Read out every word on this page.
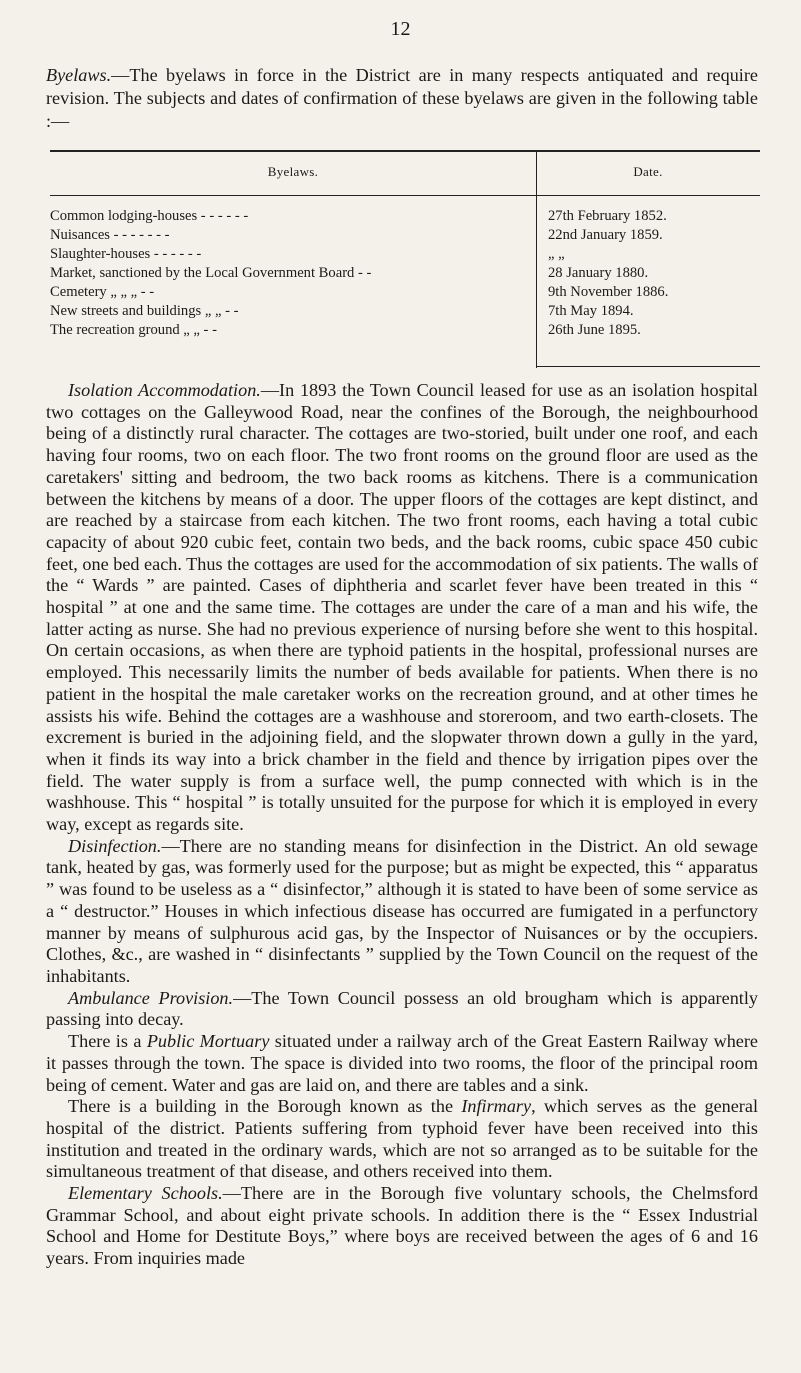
12

Byelaws.—The byelaws in force in the District are in many respects antiquated and require revision. The subjects and dates of confirmation of these byelaws are given in the following table :—

Byelaws.	Date.
Common lodging-houses - - - - - -	27th February 1852.
Nuisances - - - - - - -	22nd January 1859.
Slaughter-houses - - - - - -	„ „
Market, sanctioned by the Local Government Board - -	28 January 1880.
Cemetery „ „ „ - -	9th November 1886.
New streets and buildings „ „ - -	7th May 1894.
The recreation ground „ „ - -	26th June 1895.

Isolation Accommodation.—In 1893 the Town Council leased for use as an isolation hospital two cottages on the Galleywood Road, near the confines of the Borough, the neighbourhood being of a distinctly rural character. The cottages are two-storied, built under one roof, and each having four rooms, two on each floor. The two front rooms on the ground floor are used as the caretakers' sitting and bedroom, the two back rooms as kitchens. There is a communication between the kitchens by means of a door. The upper floors of the cottages are kept distinct, and are reached by a staircase from each kitchen. The two front rooms, each having a total cubic capacity of about 920 cubic feet, contain two beds, and the back rooms, cubic space 450 cubic feet, one bed each. Thus the cottages are used for the accommodation of six patients. The walls of the “ Wards ” are painted. Cases of diphtheria and scarlet fever have been treated in this “ hospital ” at one and the same time. The cottages are under the care of a man and his wife, the latter acting as nurse. She had no previous experience of nursing before she went to this hospital. On certain occasions, as when there are typhoid patients in the hospital, professional nurses are employed. This necessarily limits the number of beds available for patients. When there is no patient in the hospital the male caretaker works on the recreation ground, and at other times he assists his wife. Behind the cottages are a washhouse and storeroom, and two earth-closets. The excrement is buried in the adjoining field, and the slopwater thrown down a gully in the yard, when it finds its way into a brick chamber in the field and thence by irrigation pipes over the field. The water supply is from a surface well, the pump connected with which is in the washhouse. This “ hospital ” is totally unsuited for the purpose for which it is employed in every way, except as regards site.

Disinfection.—There are no standing means for disinfection in the District. An old sewage tank, heated by gas, was formerly used for the purpose; but as might be expected, this “ apparatus ” was found to be useless as a “ disinfector,” although it is stated to have been of some service as a “ destructor.” Houses in which infectious disease has occurred are fumigated in a perfunctory manner by means of sulphurous acid gas, by the Inspector of Nuisances or by the occupiers. Clothes, &c., are washed in “ disinfectants ” supplied by the Town Council on the request of the inhabitants.

Ambulance Provision.—The Town Council possess an old brougham which is apparently passing into decay.

There is a Public Mortuary situated under a railway arch of the Great Eastern Railway where it passes through the town. The space is divided into two rooms, the floor of the principal room being of cement. Water and gas are laid on, and there are tables and a sink.

There is a building in the Borough known as the Infirmary, which serves as the general hospital of the district. Patients suffering from typhoid fever have been received into this institution and treated in the ordinary wards, which are not so arranged as to be suitable for the simultaneous treatment of that disease, and others received into them.

Elementary Schools.—There are in the Borough five voluntary schools, the Chelmsford Grammar School, and about eight private schools. In addition there is the “ Essex Industrial School and Home for Destitute Boys,” where boys are received between the ages of 6 and 16 years. From inquiries made
